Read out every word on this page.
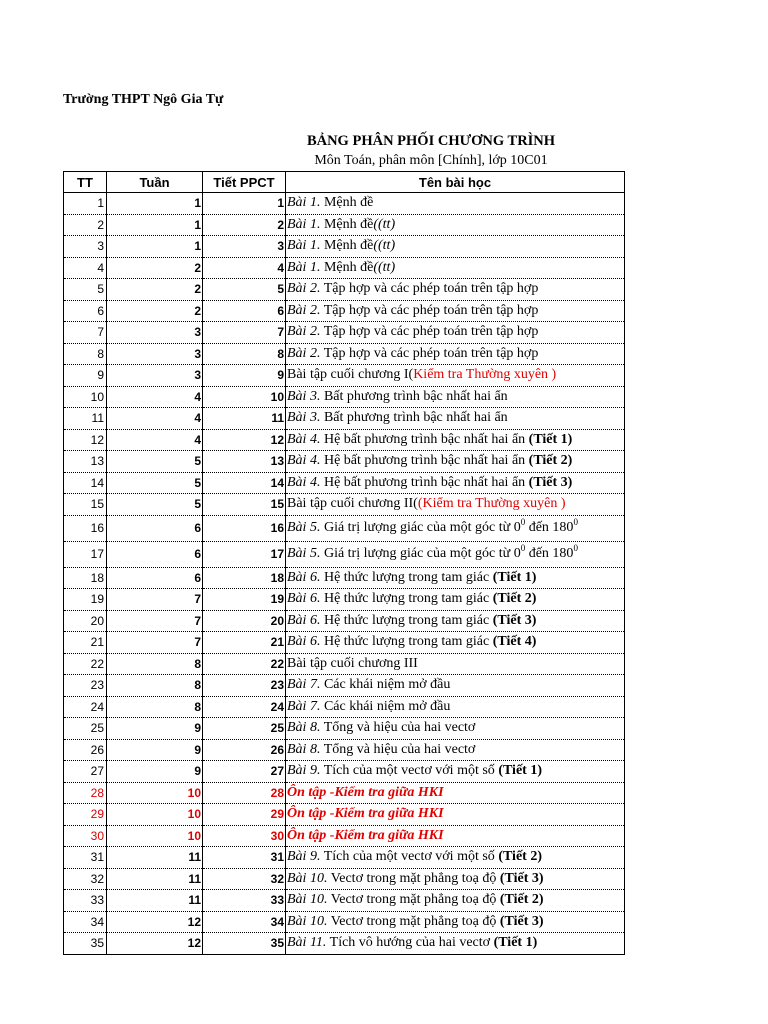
Trường THPT Ngô Gia Tự
BẢNG PHÂN PHỐI CHƯƠNG TRÌNH
Môn Toán, phân môn [Chính], lớp 10C01
TT	Tuần	Tiết PPCT	Tên bài học
1	1	1	Bài 1. Mệnh đề
2	1	2	Bài 1. Mệnh đề((tt)
3	1	3	Bài 1. Mệnh đề((tt)
4	2	4	Bài 1. Mệnh đề((tt)
5	2	5	Bài 2. Tập hợp và các phép toán trên tập hợp
6	2	6	Bài 2. Tập hợp và các phép toán trên tập hợp
7	3	7	Bài 2. Tập hợp và các phép toán trên tập hợp
8	3	8	Bài 2. Tập hợp và các phép toán trên tập hợp
9	3	9	Bài tập cuối chương I(Kiểm tra Thường xuyên )
10	4	10	Bài 3. Bất phương trình bậc nhất hai ẩn
11	4	11	Bài 3. Bất phương trình bậc nhất hai ẩn
12	4	12	Bài 4. Hệ bất phương trình bậc nhất hai ẩn (Tiết 1)
13	5	13	Bài 4. Hệ bất phương trình bậc nhất hai ẩn (Tiết 2)
14	5	14	Bài 4. Hệ bất phương trình bậc nhất hai ẩn (Tiết 3)
15	5	15	Bài tập cuối chương II((Kiểm tra Thường xuyên )
16	6	16	Bài 5. Giá trị lượng giác của một góc từ $0^0$ đến $180^0$
17	6	17	Bài 5. Giá trị lượng giác của một góc từ $0^0$ đến $180^0$
18	6	18	Bài 6. Hệ thức lượng trong tam giác (Tiết 1)
19	7	19	Bài 6. Hệ thức lượng trong tam giác (Tiết 2)
20	7	20	Bài 6. Hệ thức lượng trong tam giác (Tiết 3)
21	7	21	Bài 6. Hệ thức lượng trong tam giác (Tiết 4)
22	8	22	Bài tập cuối chương III
23	8	23	Bài 7. Các khái niệm mở đầu
24	8	24	Bài 7. Các khái niệm mở đầu
25	9	25	Bài 8. Tổng và hiệu của hai vectơ
26	9	26	Bài 8. Tổng và hiệu của hai vectơ
27	9	27	Bài 9. Tích của một vectơ với một số (Tiết 1)
28	10	28	Ôn tập -Kiểm tra giữa HKI
29	10	29	Ôn tập -Kiểm tra giữa HKI
30	10	30	Ôn tập -Kiểm tra giữa HKI
31	11	31	Bài 9. Tích của một vectơ với một số (Tiết 2)
32	11	32	Bài 10. Vectơ trong mặt phẳng toạ độ (Tiết 3)
33	11	33	Bài 10. Vectơ trong mặt phẳng toạ độ (Tiết 2)
34	12	34	Bài 10. Vectơ trong mặt phẳng toạ độ (Tiết 3)
35	12	35	Bài 11. Tích vô hướng của hai vectơ (Tiết 1)
